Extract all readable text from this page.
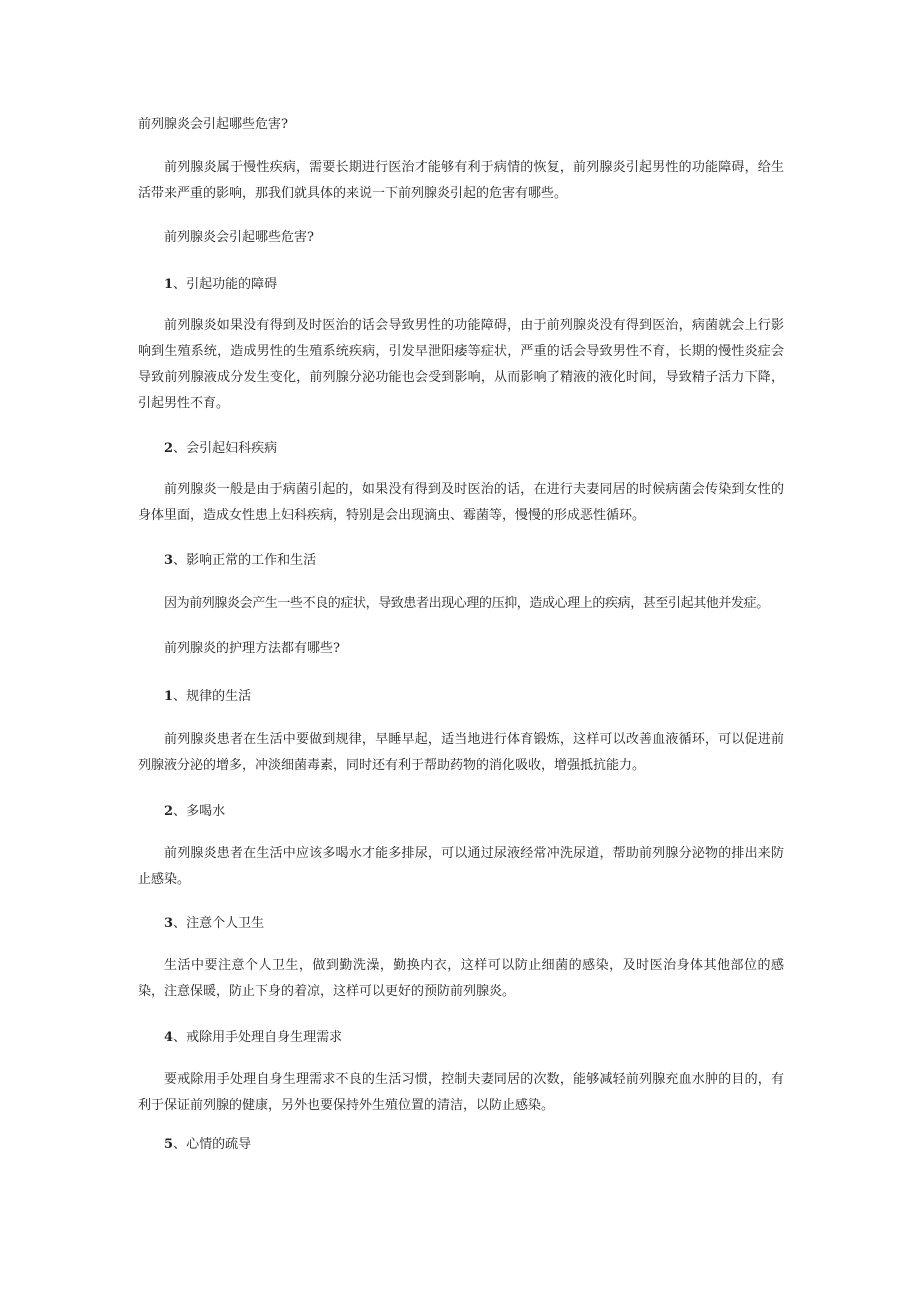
前列腺炎会引起哪些危害?

前列腺炎属于慢性疾病，需要长期进行医治才能够有利于病情的恢复，前列腺炎引起男性的功能障碍，给生活带来严重的影响，那我们就具体的来说一下前列腺炎引起的危害有哪些。

前列腺炎会引起哪些危害?

1、引起功能的障碍

前列腺炎如果没有得到及时医治的话会导致男性的功能障碍，由于前列腺炎没有得到医治，病菌就会上行影响到生殖系统，造成男性的生殖系统疾病，引发早泄阳痿等症状，严重的话会导致男性不育，长期的慢性炎症会导致前列腺液成分发生变化，前列腺分泌功能也会受到影响，从而影响了精液的液化时间，导致精子活力下降，引起男性不育。

2、会引起妇科疾病

前列腺炎一般是由于病菌引起的，如果没有得到及时医治的话，在进行夫妻同居的时候病菌会传染到女性的身体里面，造成女性患上妇科疾病，特别是会出现滴虫、霉菌等，慢慢的形成恶性循环。

3、影响正常的工作和生活

因为前列腺炎会产生一些不良的症状，导致患者出现心理的压抑，造成心理上的疾病，甚至引起其他并发症。

前列腺炎的护理方法都有哪些?

1、规律的生活

前列腺炎患者在生活中要做到规律，早睡早起，适当地进行体育锻炼，这样可以改善血液循环，可以促进前列腺液分泌的增多，冲淡细菌毒素，同时还有利于帮助药物的消化吸收，增强抵抗能力。

2、多喝水

前列腺炎患者在生活中应该多喝水才能多排尿，可以通过尿液经常冲洗尿道，帮助前列腺分泌物的排出来防止感染。

3、注意个人卫生

生活中要注意个人卫生，做到勤洗澡，勤换内衣，这样可以防止细菌的感染，及时医治身体其他部位的感染，注意保暖，防止下身的着凉，这样可以更好的预防前列腺炎。

4、戒除用手处理自身生理需求

要戒除用手处理自身生理需求不良的生活习惯，控制夫妻同居的次数，能够减轻前列腺充血水肿的目的，有利于保证前列腺的健康，另外也要保持外生殖位置的清洁，以防止感染。

5、心情的疏导
